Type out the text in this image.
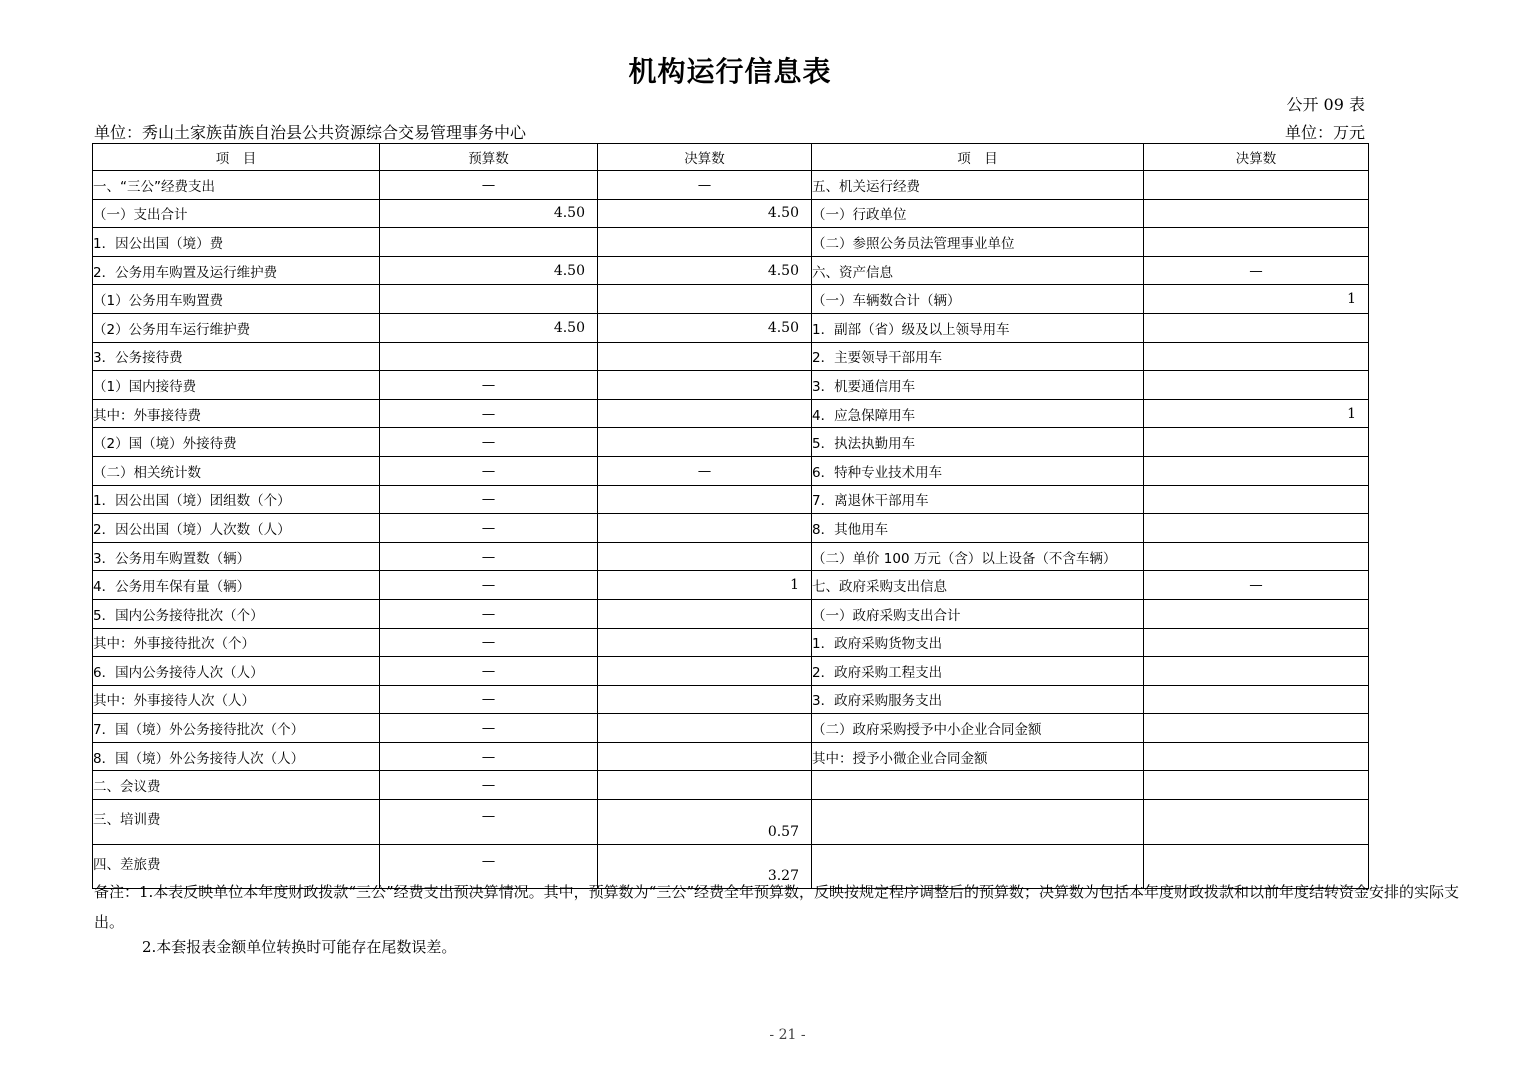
机构运行信息表
公开 09 表
单位：秀山土家族苗族自治县公共资源综合交易管理事务中心	单位：万元
项　目	预算数	决算数	项　目	决算数
一、“三公”经费支出	—	—	五、机关运行经费	
（一）支出合计	4.50	4.50	（一）行政单位	
1．因公出国（境）费			（二）参照公务员法管理事业单位	
2．公务用车购置及运行维护费	4.50	4.50	六、资产信息	—
（1）公务用车购置费			（一）车辆数合计（辆）	1
（2）公务用车运行维护费	4.50	4.50	1．副部（省）级及以上领导用车	
3．公务接待费			2．主要领导干部用车	
（1）国内接待费	—		3．机要通信用车	
其中：外事接待费	—		4．应急保障用车	1
（2）国（境）外接待费	—		5．执法执勤用车	
（二）相关统计数	—	—	6．特种专业技术用车	
1．因公出国（境）团组数（个）	—		7．离退休干部用车	
2．因公出国（境）人次数（人）	—		8．其他用车	
3．公务用车购置数（辆）	—		（二）单价 100 万元（含）以上设备（不含车辆）	
4．公务用车保有量（辆）	—	1	七、政府采购支出信息	—
5．国内公务接待批次（个）	—		（一）政府采购支出合计	
其中：外事接待批次（个）	—		1．政府采购货物支出	
6．国内公务接待人次（人）	—		2．政府采购工程支出	
其中：外事接待人次（人）	—		3．政府采购服务支出	
7．国（境）外公务接待批次（个）	—		（二）政府采购授予中小企业合同金额	
8．国（境）外公务接待人次（人）	—		其中：授予小微企业合同金额	
二、会议费	—			
三、培训费	—	0.57		
四、差旅费	—	3.27		
备注：1.本表反映单位本年度财政拨款“三公”经费支出预决算情况。其中，预算数为“三公”经费全年预算数，反映按规定程序调整后的预算数；决算数为包括本年度财政拨款和以前年度结转资金安排的实际支出。
2.本套报表金额单位转换时可能存在尾数误差。
- 21 -
